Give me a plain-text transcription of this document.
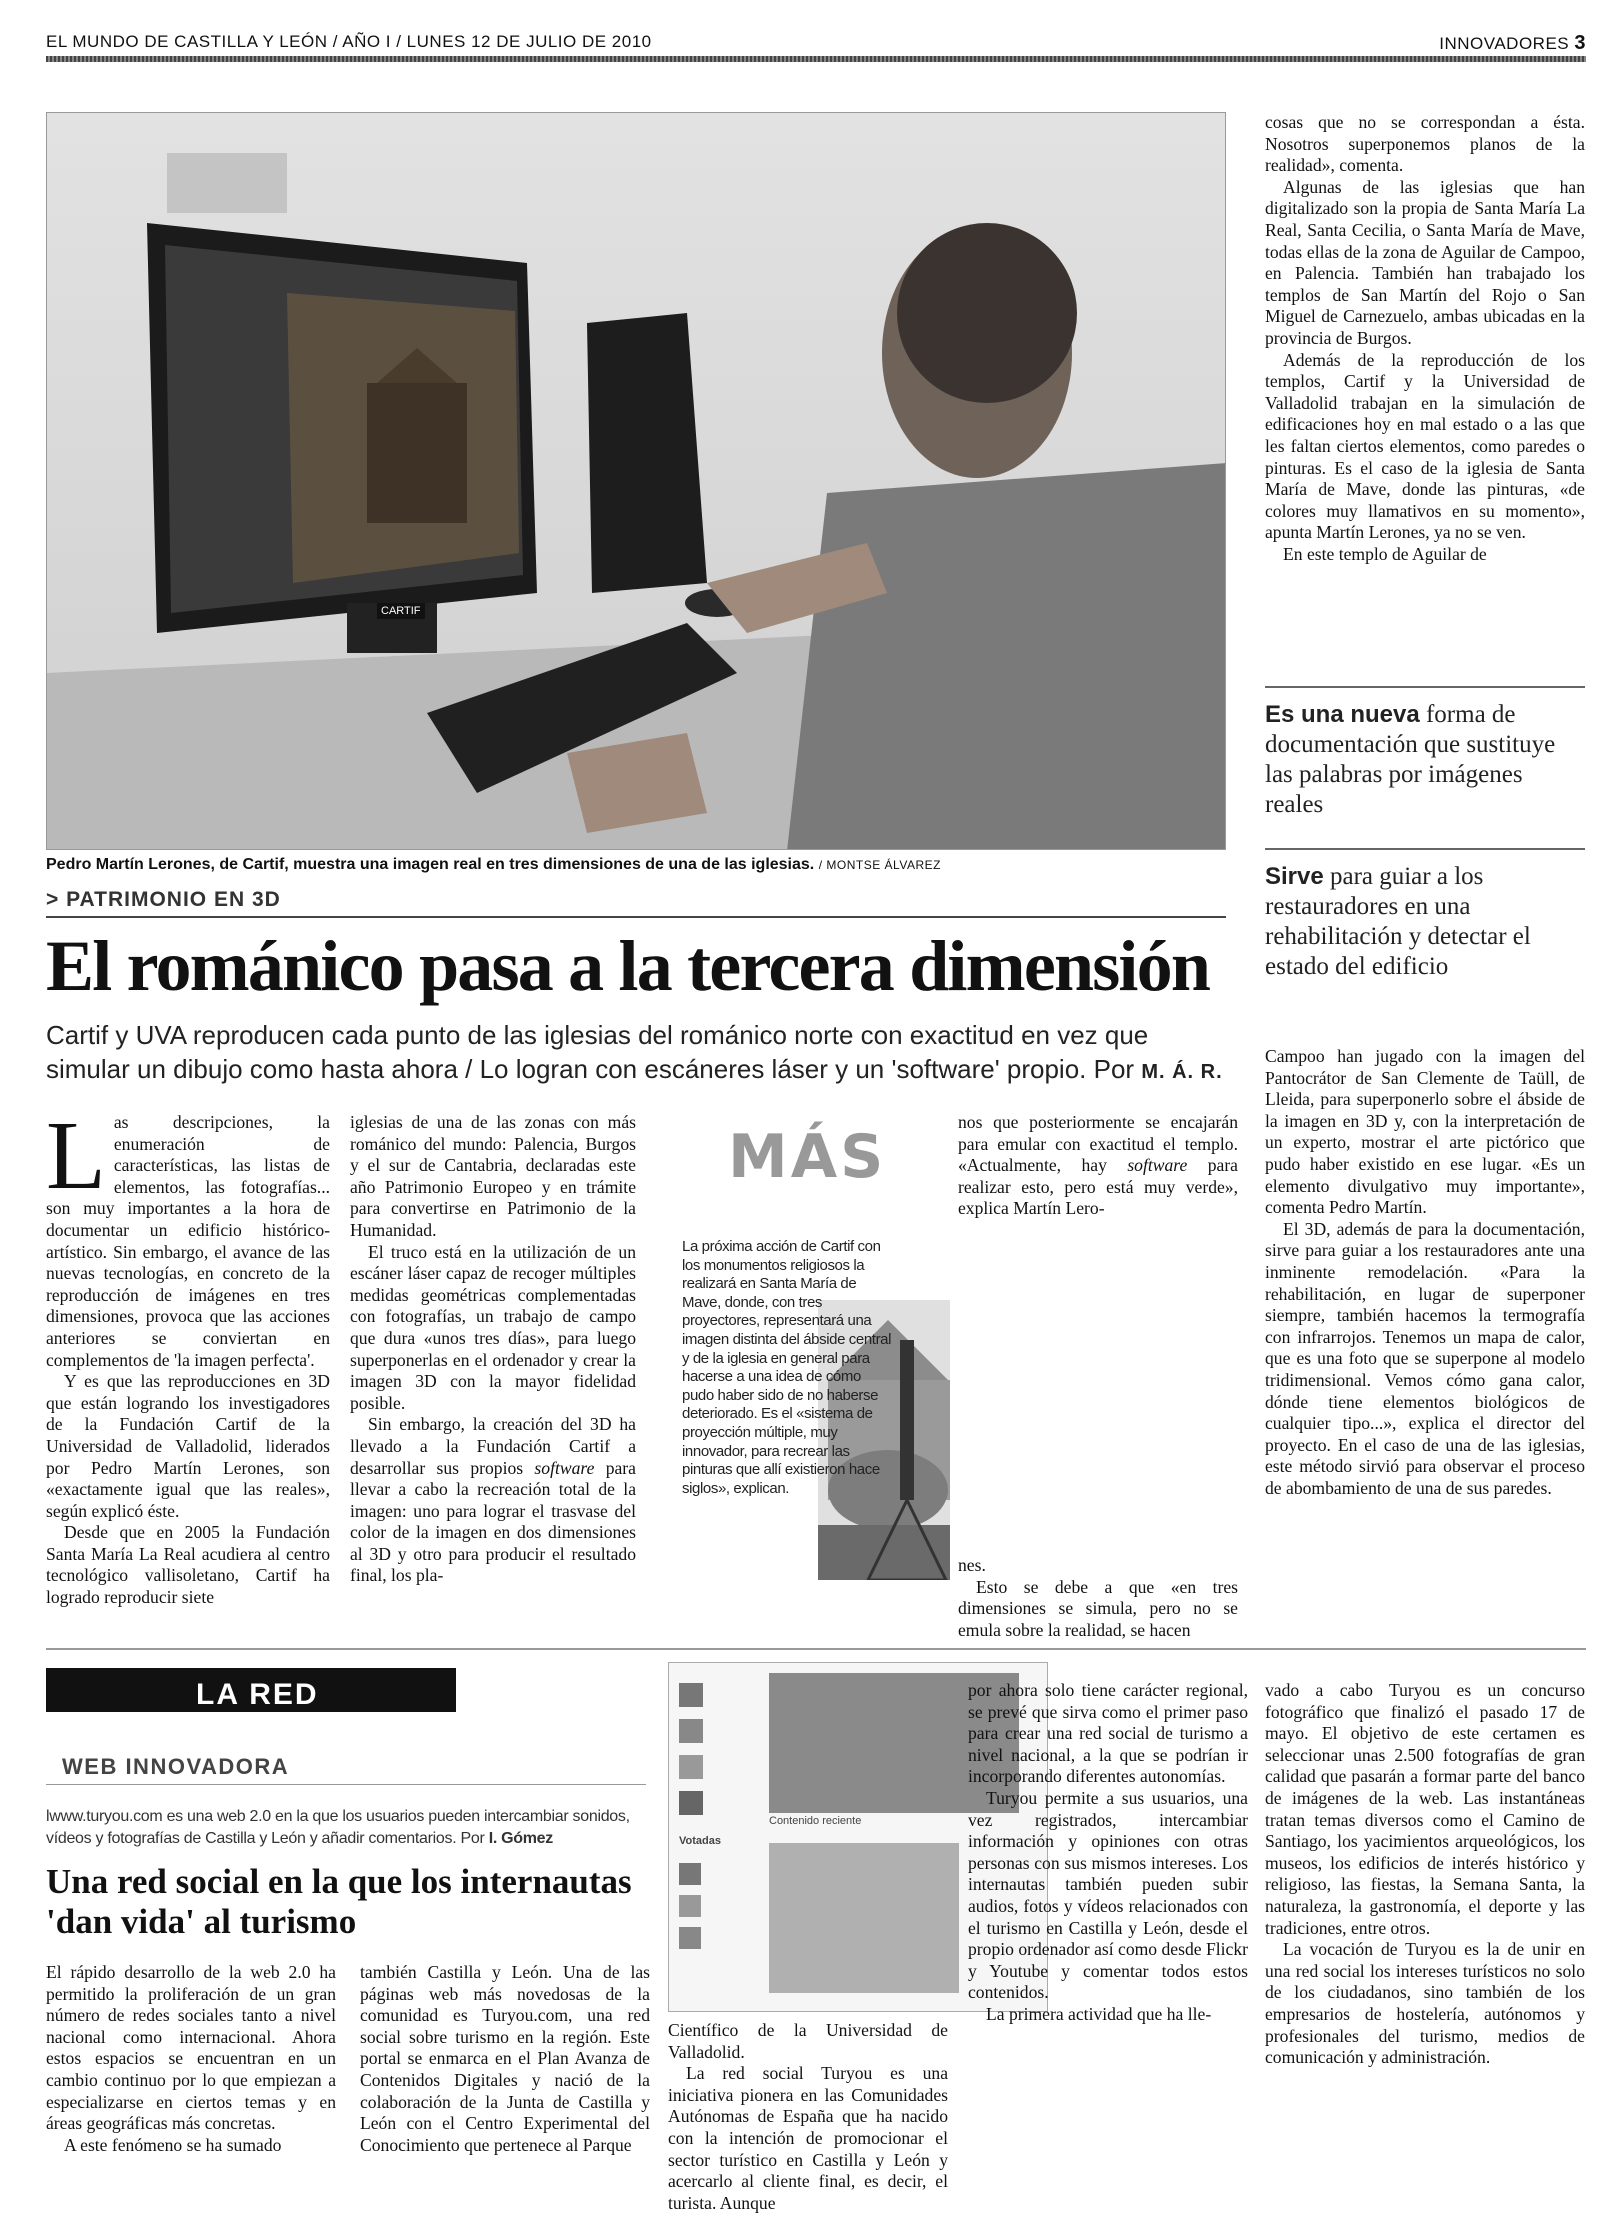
EL MUNDO DE CASTILLA Y LEÓN / AÑO I / LUNES 12 DE JULIO DE 2010	INNOVADORES 3
CARTIF
Pedro Martín Lerones, de Cartif, muestra una imagen real en tres dimensiones de una de las iglesias. / MONTSE ÁLVAREZ
> PATRIMONIO EN 3D
El románico pasa a la tercera dimensión
Cartif y UVA reproducen cada punto de las iglesias del románico norte con exactitud en vez que simular un dibujo como hasta ahora / Lo logran con escáneres láser y un 'software' propio. Por M. Á. R.

Las descripciones, la enumeración de características, las listas de elementos, las fotografías... son muy importantes a la hora de documentar un edificio histórico-artístico. Sin embargo, el avance de las nuevas tecnologías, en concreto de la reproducción de imágenes en tres dimensiones, provoca que las acciones anteriores se conviertan en complementos de 'la imagen perfecta'.

Y es que las reproducciones en 3D que están logrando los investigadores de la Fundación Cartif de la Universidad de Valladolid, liderados por Pedro Martín Lerones, son «exactamente igual que las reales», según explicó éste.

Desde que en 2005 la Fundación Santa María La Real acudiera al centro tecnológico vallisoletano, Cartif ha logrado reproducir siete

iglesias de una de las zonas con más románico del mundo: Palencia, Burgos y el sur de Cantabria, declaradas este año Patrimonio Europeo y en trámite para convertirse en Patrimonio de la Humanidad.

El truco está en la utilización de un escáner láser capaz de recoger múltiples medidas geométricas complementadas con fotografías, un trabajo de campo que dura «unos tres días», para luego superponerlas en el ordenador y crear la imagen 3D con la mayor fidelidad posible.

Sin embargo, la creación del 3D ha llevado a la Fundación Cartif a desarrollar sus propios software para llevar a cabo la recreación total de la imagen: uno para lograr el trasvase del color de la imagen en dos dimensiones al 3D y otro para producir el resultado final, los pla-

MÁS
La próxima acción de Cartif con los monumentos religiosos la realizará en Santa María de Mave, donde, con tres proyectores, representará una imagen distinta del ábside central y de la iglesia en general para hacerse a una idea de cómo pudo haber sido de no haberse deteriorado. Es el «sistema de proyección múltiple, muy innovador, para recrear las pinturas que allí existieron hace siglos», explican.

nos que posteriormente se encajarán para emular con exactitud el templo. «Actualmente, hay software para realizar esto, pero está muy verde», explica Martín Lero-

nes.

Esto se debe a que «en tres dimensiones se simula, pero no se emula sobre la realidad, se hacen

cosas que no se correspondan a ésta. Nosotros superponemos planos de la realidad», comenta.

Algunas de las iglesias que han digitalizado son la propia de Santa María La Real, Santa Cecilia, o Santa María de Mave, todas ellas de la zona de Aguilar de Campoo, en Palencia. También han trabajado los templos de San Martín del Rojo o San Miguel de Carnezuelo, ambas ubicadas en la provincia de Burgos.

Además de la reproducción de los templos, Cartif y la Universidad de Valladolid trabajan en la simulación de edificaciones hoy en mal estado o a las que les faltan ciertos elementos, como paredes o pinturas. Es el caso de la iglesia de Santa María de Mave, donde las pinturas, «de colores muy llamativos en su momento», apunta Martín Lerones, ya no se ven.

En este templo de Aguilar de

Es una nueva forma de documentación que sustituye las palabras por imágenes reales
Sirve para guiar a los restauradores en una rehabilitación y detectar el estado del edificio

Campoo han jugado con la imagen del Pantocrátor de San Clemente de Taüll, de Lleida, para superponerlo sobre el ábside de la imagen en 3D y, con la interpretación de un experto, mostrar el arte pictórico que pudo haber existido en ese lugar. «Es un elemento divulgativo muy importante», comenta Pedro Martín.

El 3D, además de para la documentación, sirve para guiar a los restauradores ante una inminente remodelación. «Para la rehabilitación, en lugar de superponer siempre, también hacemos la termografía con infrarrojos. Tenemos un mapa de calor, que es una foto que se superpone al modelo tridimensional. Vemos cómo gana calor, dónde tiene elementos biológicos de cualquier tipo...», explica el director del proyecto. En el caso de una de las iglesias, este método sirvió para observar el proceso de abombamiento de una de sus paredes.

LA RED AVANZA
WEB INNOVADORA
lwww.turyou.com es una web 2.0 en la que los usuarios pueden intercambiar sonidos, vídeos y fotografías de Castilla y León y añadir comentarios. Por I. Gómez
Una red social en la que los internautas 'dan vida' al turismo

El rápido desarrollo de la web 2.0 ha permitido la proliferación de un gran número de redes sociales tanto a nivel nacional como internacional. Ahora estos espacios se encuentran en un cambio continuo por lo que empiezan a especializarse en ciertos temas y en áreas geográficas más concretas.

A este fenómeno se ha sumado

también Castilla y León. Una de las páginas web más novedosas de la comunidad es Turyou.com, una red social sobre turismo en la región. Este portal se enmarca en el Plan Avanza de Contenidos Digitales y nació de la colaboración de la Junta de Castilla y León con el Centro Experimental del Conocimiento que pertenece al Parque

Contenido reciente
Votadas

Científico de la Universidad de Valladolid.

La red social Turyou es una iniciativa pionera en las Comunidades Autónomas de España que ha nacido con la intención de promocionar el sector turístico en Castilla y León y acercarlo al cliente final, es decir, el turista. Aunque

por ahora solo tiene carácter regional, se prevé que sirva como el primer paso para crear una red social de turismo a nivel nacional, a la que se podrían ir incorporando diferentes autonomías.

Turyou permite a sus usuarios, una vez registrados, intercambiar información y opiniones con otras personas con sus mismos intereses. Los internautas también pueden subir audios, fotos y vídeos relacionados con el turismo en Castilla y León, desde el propio ordenador así como desde Flickr y Youtube y comentar todos estos contenidos.

La primera actividad que ha lle-

vado a cabo Turyou es un concurso fotográfico que finalizó el pasado 17 de mayo. El objetivo de este certamen es seleccionar unas 2.500 fotografías de gran calidad que pasarán a formar parte del banco de imágenes de la web. Las instantáneas tratan temas diversos como el Camino de Santiago, los yacimientos arqueológicos, los museos, los edificios de interés histórico y religioso, las fiestas, la Semana Santa, la naturaleza, la gastronomía, el deporte y las tradiciones, entre otros.

La vocación de Turyou es la de unir en una red social los intereses turísticos no solo de los ciudadanos, sino también de los empresarios de hostelería, autónomos y profesionales del turismo, medios de comunicación y administración.
